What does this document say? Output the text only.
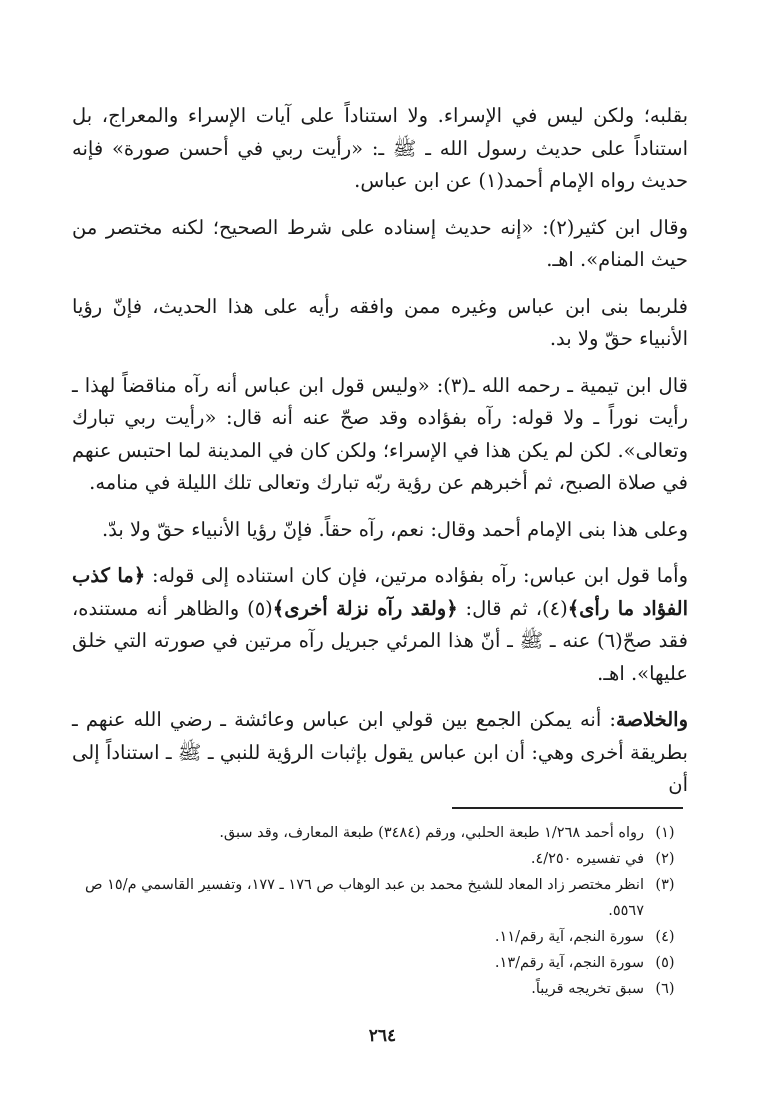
بقلبه؛ ولكن ليس في الإسراء. ولا استناداً على آيات الإسراء والمعراج، بل استناداً على حديث رسول الله ـ ﷺ ـ: «رأيت ربي في أحسن صورة» فإنه حديث رواه الإمام أحمد(١) عن ابن عباس.

وقال ابن كثير(٢): «إنه حديث إسناده على شرط الصحيح؛ لكنه مختصر من حيث المنام». اهـ.

فلربما بنى ابن عباس وغيره ممن وافقه رأيه على هذا الحديث، فإنّ رؤيا الأنبياء حقّ ولا بد.

قال ابن تيمية ـ رحمه الله ـ(٣): «وليس قول ابن عباس أنه رآه مناقضاً لهذا ـ رأيت نوراً ـ ولا قوله: رآه بفؤاده وقد صحّ عنه أنه قال: «رأيت ربي تبارك وتعالى». لكن لم يكن هذا في الإسراء؛ ولكن كان في المدينة لما احتبس عنهم في صلاة الصبح، ثم أخبرهم عن رؤية ربّه تبارك وتعالى تلك الليلة في منامه.

وعلى هذا بنى الإمام أحمد وقال: نعم، رآه حقاً. فإنّ رؤيا الأنبياء حقّ ولا بدّ.

وأما قول ابن عباس: رآه بفؤاده مرتين، فإن كان استناده إلى قوله: ﴿ما كذب الفؤاد ما رأى﴾(٤)، ثم قال: ﴿ولقد رآه نزلة أخرى﴾(٥) والظاهر أنه مستنده، فقد صحّ(٦) عنه ـ ﷺ ـ أنّ هذا المرئي جبريل رآه مرتين في صورته التي خلق عليها». اهـ.

والخلاصة: أنه يمكن الجمع بين قولي ابن عباس وعائشة ـ رضي الله عنهم ـ بطريقة أخرى وهي: أن ابن عباس يقول بإثبات الرؤية للنبي ـ ﷺ ـ استناداً إلى أن

(١)
رواه أحمد ١/٢٦٨ طبعة الحلبي، ورقم (٣٤٨٤) طبعة المعارف، وقد سبق.
(٢)
في تفسيره ٤/٢٥٠.
(٣)
انظر مختصر زاد المعاد للشيخ محمد بن عبد الوهاب ص ١٧٦ ـ ١٧٧، وتفسير القاسمي م/١٥ ص ٥٥٦٧.
(٤)
سورة النجم، آية رقم/١١.
(٥)
سورة النجم، آية رقم/١٣.
(٦)
سبق تخريجه قريباً.
٢٦٤
